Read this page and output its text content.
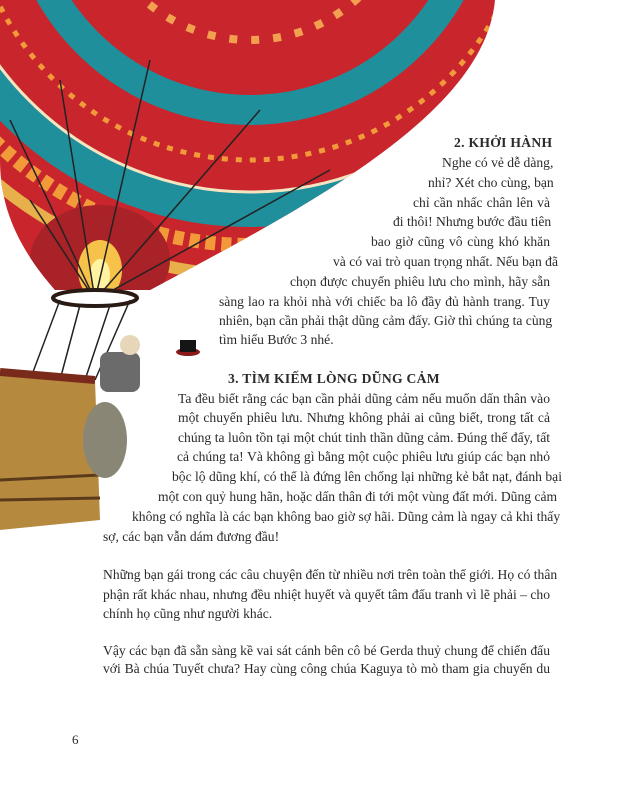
2. KHỞI HÀNH
Nghe có vẻ dễ dàng,
nhỉ? Xét cho cùng, bạn
chỉ cần nhấc chân lên và
đi thôi! Nhưng bước đầu tiên
bao giờ cũng vô cùng khó khăn
và có vai trò quan trọng nhất. Nếu bạn đã
chọn được chuyến phiêu lưu cho mình, hãy sẵn
sàng lao ra khỏi nhà với chiếc ba lô đầy đủ hành trang. Tuy
nhiên, bạn cần phải thật dũng cảm đấy. Giờ thì chúng ta cùng
tìm hiểu Bước 3 nhé.
3. TÌM KIẾM LÒNG DŨNG CẢM
Ta đều biết rằng các bạn cần phải dũng cảm nếu muốn dấn thân vào
một chuyến phiêu lưu. Nhưng không phải ai cũng biết, trong tất cả
chúng ta luôn tồn tại một chút tinh thần dũng cảm. Đúng thế đấy, tất
cả chúng ta! Và không gì bằng một cuộc phiêu lưu giúp các bạn nhỏ
bộc lộ dũng khí, có thể là đứng lên chống lại những kẻ bắt nạt, đánh bại
một con quỷ hung hãn, hoặc dấn thân đi tới một vùng đất mới. Dũng cảm
không có nghĩa là các bạn không bao giờ sợ hãi. Dũng cảm là ngay cả khi thấy
sợ, các bạn vẫn dám đương đầu!
Những bạn gái trong các câu chuyện đến từ nhiều nơi trên toàn thế giới. Họ có thân
phận rất khác nhau, nhưng đều nhiệt huyết và quyết tâm đấu tranh vì lẽ phải – cho
chính họ cũng như người khác.
Vậy các bạn đã sẵn sàng kề vai sát cánh bên cô bé Gerda thuỷ chung để chiến đấu
với Bà chúa Tuyết chưa? Hay cùng công chúa Kaguya tò mò tham gia chuyến du
6
